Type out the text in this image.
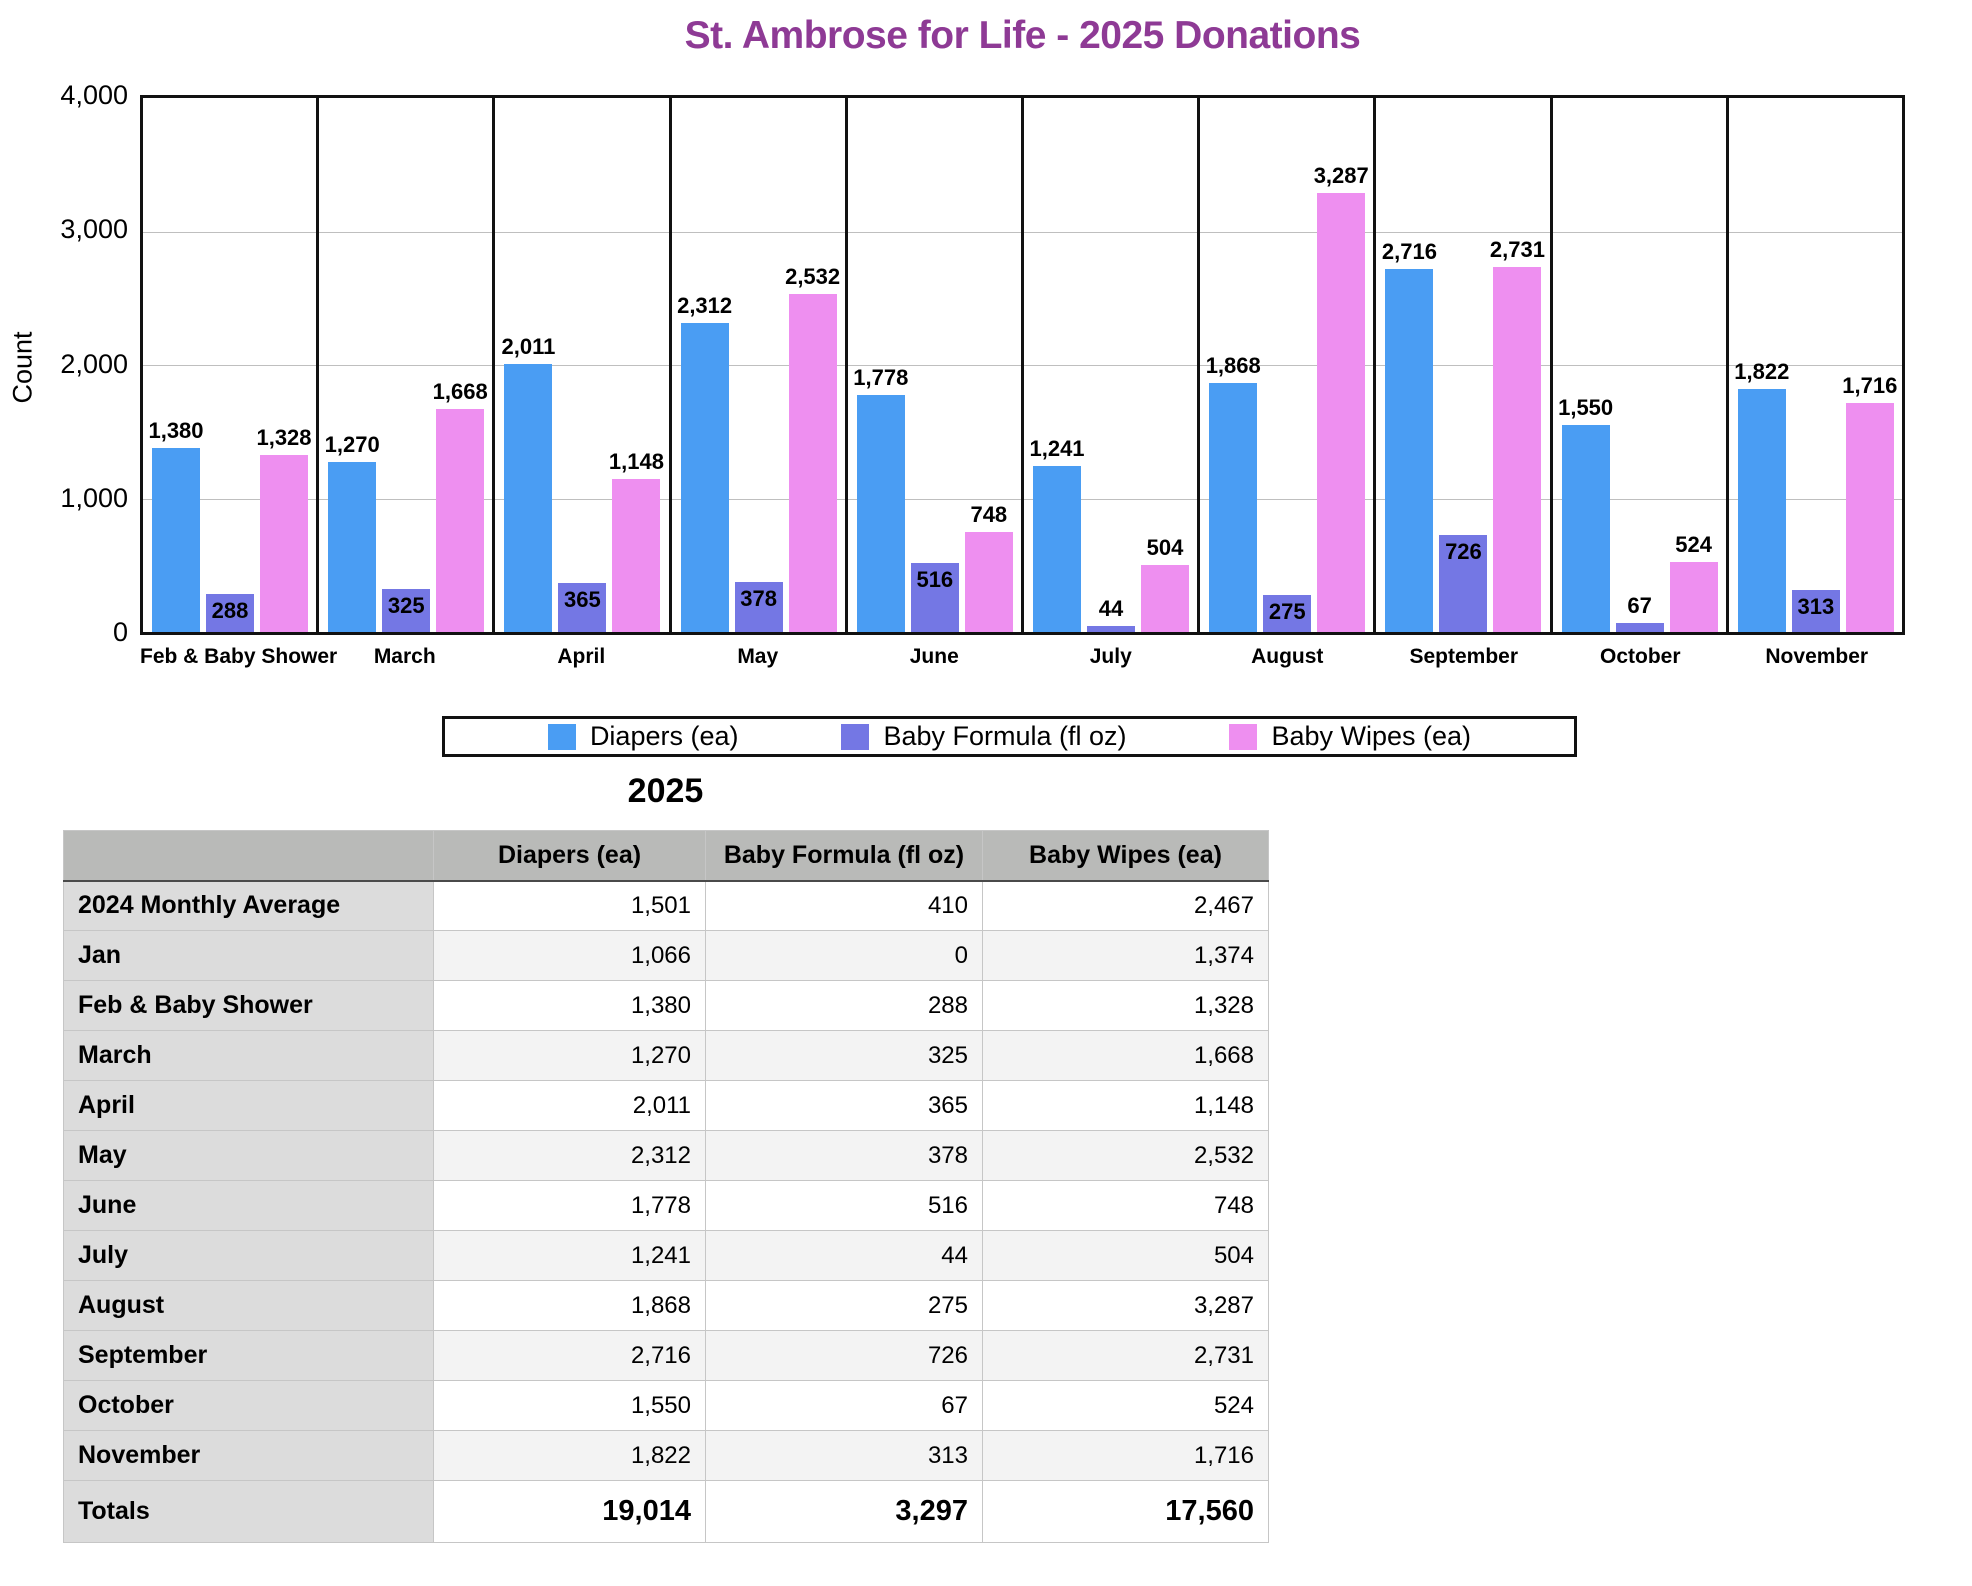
St. Ambrose for Life - 2025 Donations
Count
0
1,000
2,000
3,000
4,000
1,380
288
1,328 1,270
325
1,668
2,011
365
1,148
2,312
378
2,532
1,778
516
748
1,241
44
504
1,868
275
3,287
2,716
726
2,731
1,550
67
524
1,822
313
1,716
Feb & Baby Shower	March	April	May	June	July	August	September	October	November
Diapers (ea)	Baby Formula (fl oz)	Baby Wipes (ea)
2025
	Diapers (ea)	Baby Formula (fl oz)	Baby Wipes (ea)
2024 Monthly Average	1,501	410	2,467
Jan	1,066	0	1,374
Feb & Baby Shower	1,380	288	1,328
March	1,270	325	1,668
April	2,011	365	1,148
May	2,312	378	2,532
June	1,778	516	748
July	1,241	44	504
August	1,868	275	3,287
September	2,716	726	2,731
October	1,550	67	524
November	1,822	313	1,716
Totals	19,014	3,297	17,560
